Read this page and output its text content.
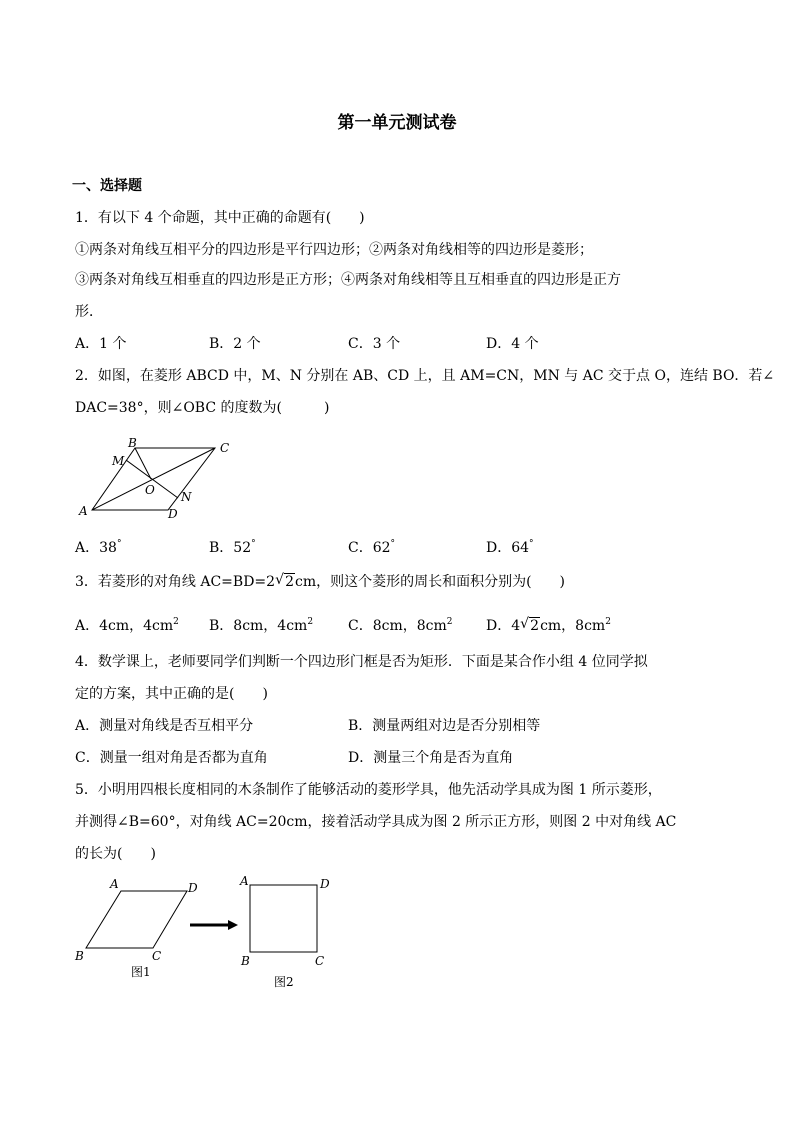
第一单元测试卷
一、选择题
1．有以下 4 个命题，其中正确的命题有(　　)
①两条对角线互相平分的四边形是平行四边形；②两条对角线相等的四边形是菱形；
③两条对角线互相垂直的四边形是正方形；④两条对角线相等且互相垂直的四边形是正方
形．
A．1 个	B．2 个	C．3 个	D．4 个
2．如图，在菱形 ABCD 中，M、N 分别在 AB、CD 上，且 AM=CN，MN 与 AC 交于点 O，连结 BO．若∠
DAC=38°，则∠OBC 的度数为(　　　)
A
B	C
D
M
N
O
A．38°	B．52°	C．62°	D．64°
3．若菱形的对角线 AC=BD=2 √ 2cm，则这个菱形的周长和面积分别为(　　)
A．4cm，$4cm^2$ B．8cm，$4cm^2$ C．8cm，$8cm^2$ D．4 √ 2cm，$8cm^2$
4．数学课上，老师要同学们判断一个四边形门框是否为矩形．下面是某合作小组 4 位同学拟
定的方案，其中正确的是(　　)
A．测量对角线是否互相平分	B．测量两组对边是否分别相等
C．测量一组对角是否都为直角	D．测量三个角是否为直角
5．小明用四根长度相同的木条制作了能够活动的菱形学具，他先活动学具成为图 1 所示菱形，
并测得∠B=60°，对角线 AC=20cm，接着活动学具成为图 2 所示正方形，则图 2 中对角线 AC
的长为(　　)
A	D
B	C
图1
A	D
B	C
图2
